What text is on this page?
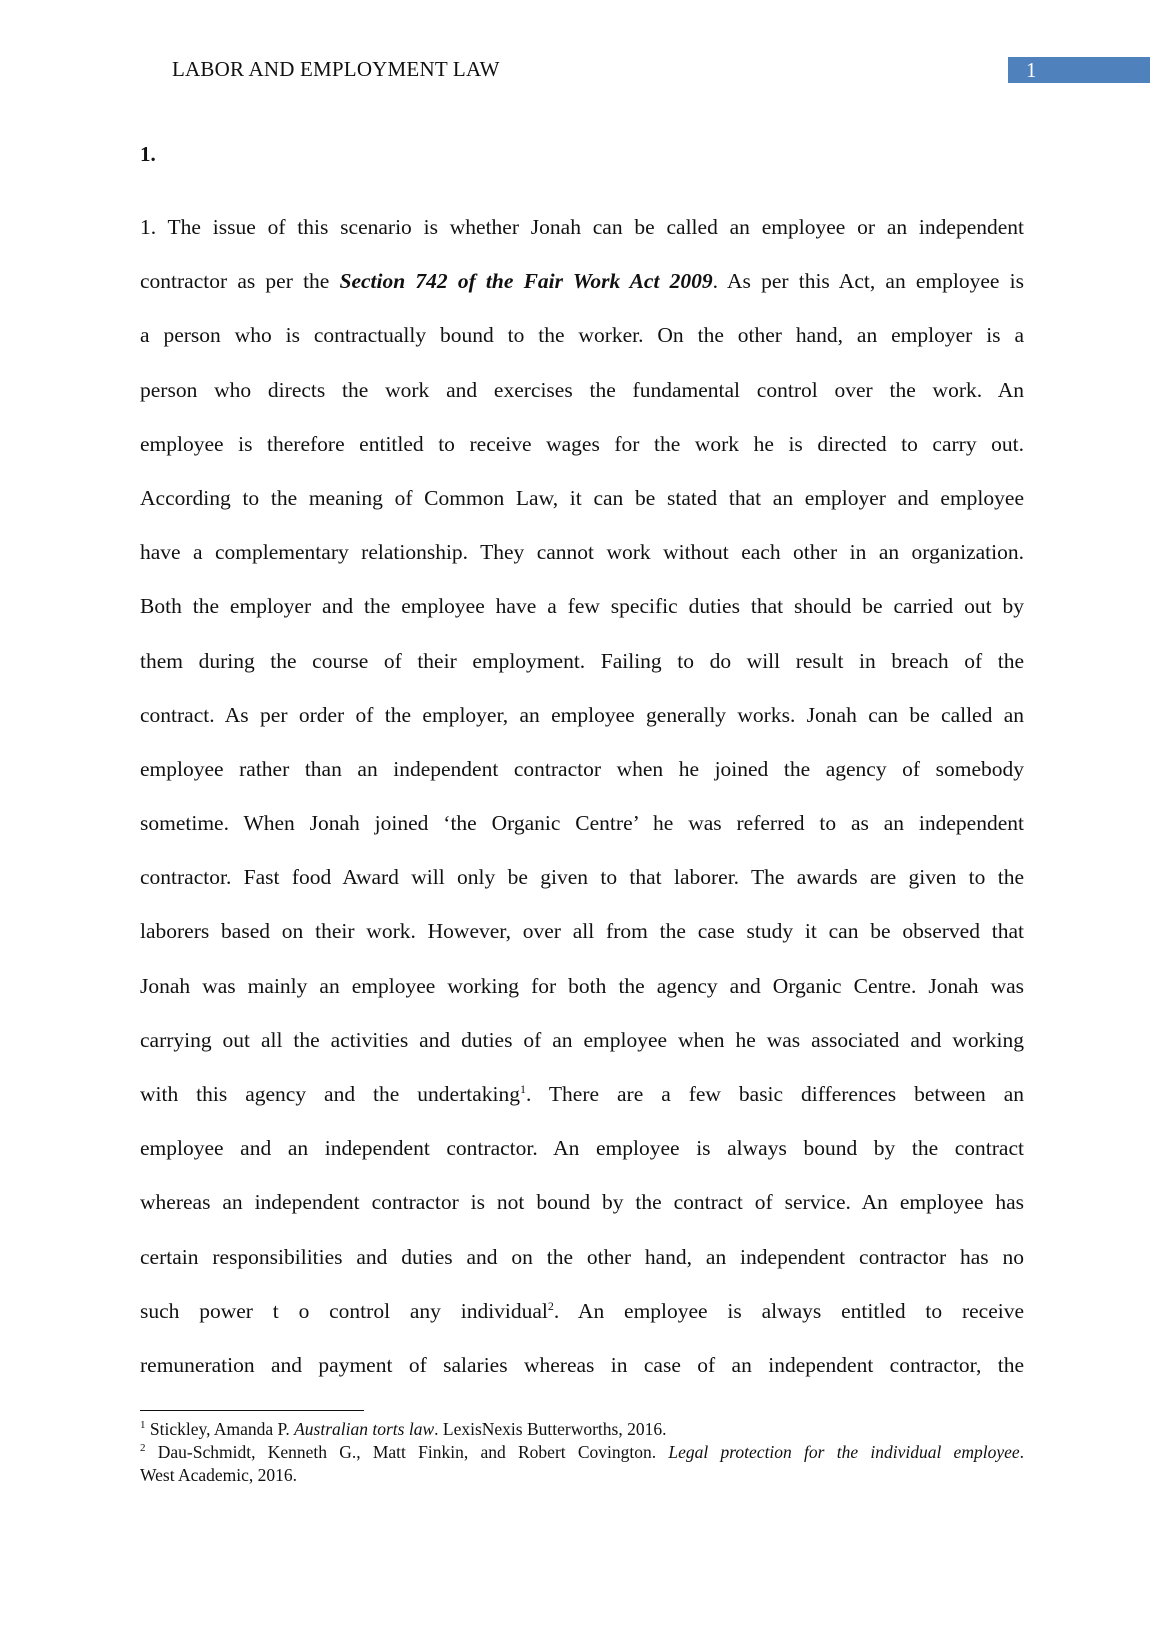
LABOR AND EMPLOYMENT LAW	1
1.
1. The issue of this scenario is whether Jonah can be called an employee or an independent
contractor as per the Section 742 of the Fair Work Act 2009. As per this Act, an employee is
a person who is contractually bound to the worker. On the other hand, an employer is a
person who directs the work and exercises the fundamental control over the work. An
employee is therefore entitled to receive wages for the work he is directed to carry out.
According to the meaning of Common Law, it can be stated that an employer and employee
have a complementary relationship. They cannot work without each other in an organization.
Both the employer and the employee have a few specific duties that should be carried out by
them during the course of their employment. Failing to do will result in breach of the
contract. As per order of the employer, an employee generally works. Jonah can be called an
employee rather than an independent contractor when he joined the agency of somebody
sometime. When Jonah joined ‘the Organic Centre’ he was referred to as an independent
contractor. Fast food Award will only be given to that laborer. The awards are given to the
laborers based on their work. However, over all from the case study it can be observed that
Jonah was mainly an employee working for both the agency and Organic Centre. Jonah was
carrying out all the activities and duties of an employee when he was associated and working
with this agency and the undertaking$^1$. There are a few basic differences between an
employee and an independent contractor. An employee is always bound by the contract
whereas an independent contractor is not bound by the contract of service. An employee has
certain responsibilities and duties and on the other hand, an independent contractor has no
such power t o control any individual$^2$. An employee is always entitled to receive
remuneration and payment of salaries whereas in case of an independent contractor, the
$^1$ Stickley, Amanda P. Australian torts law. LexisNexis Butterworths, 2016.
$^2$ Dau-Schmidt, Kenneth G., Matt Finkin, and Robert Covington. Legal protection for the individual employee.
West Academic, 2016.
